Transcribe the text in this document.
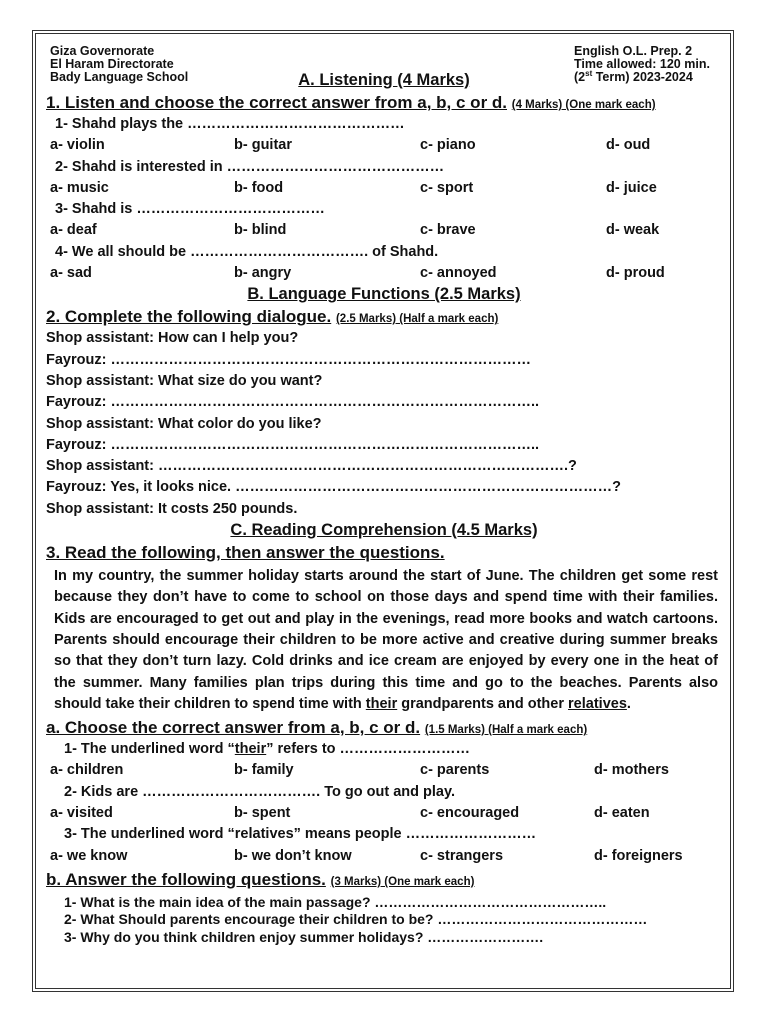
Giza Governorate
El Haram Directorate
Bady Language School
English O.L. Prep. 2
Time allowed: 120 min.
(2st Term) 2023-2024
A. Listening (4 Marks)
1. Listen and choose the correct answer from a, b, c or d. (4 Marks) (One mark each)
1- Shahd plays the ………………………………………
a- violin	b- guitar	c- piano	d- oud
2- Shahd is interested in ………………………………………
a- music	b- food	c- sport	d- juice
3- Shahd is …………………………………
a- deaf	b- blind	c- brave	d- weak
4- We all should be ………………………………. of Shahd.
a- sad	b- angry	c- annoyed	d- proud
B. Language Functions (2.5 Marks)
2. Complete the following dialogue. (2.5 Marks) (Half a mark each)
Shop assistant: How can I help you?
Fayrouz: ……………………………………………………………………………
Shop assistant: What size do you want?
Fayrouz: ……………………………………………………………………………..
Shop assistant: What color do you like?
Fayrouz: ……………………………………………………………………………..
Shop assistant: ………………………………………………………………………….?
Fayrouz: Yes, it looks nice. ……………………………………………………………………?
Shop assistant: It costs 250 pounds.
C. Reading Comprehension (4.5 Marks)
3. Read the following, then answer the questions.
In my country, the summer holiday starts around the start of June. The children get some rest because they don’t have to come to school on those days and spend time with their families. Kids are encouraged to get out and play in the evenings, read more books and watch cartoons. Parents should encourage their children to be more active and creative during summer breaks so that they don’t turn lazy. Cold drinks and ice cream are enjoyed by every one in the heat of the summer. Many families plan trips during this time and go to the beaches. Parents also should take their children to spend time with their grandparents and other relatives.
a. Choose the correct answer from a, b, c or d. (1.5 Marks) (Half a mark each)
1- The underlined word “their” refers to ………………………
a- children	b- family	c- parents	d- mothers
2- Kids are ………………………………. To go out and play.
a- visited	b- spent	c- encouraged	d- eaten
3- The underlined word “relatives” means people ………………………
a- we know	b- we don’t know	c- strangers	d- foreigners
b. Answer the following questions. (3 Marks) (One mark each)
1- What is the main idea of the main passage? …………………………………………..
2- What Should parents encourage their children to be? ………………………………………
3- Why do you think children enjoy summer holidays? …………………….
